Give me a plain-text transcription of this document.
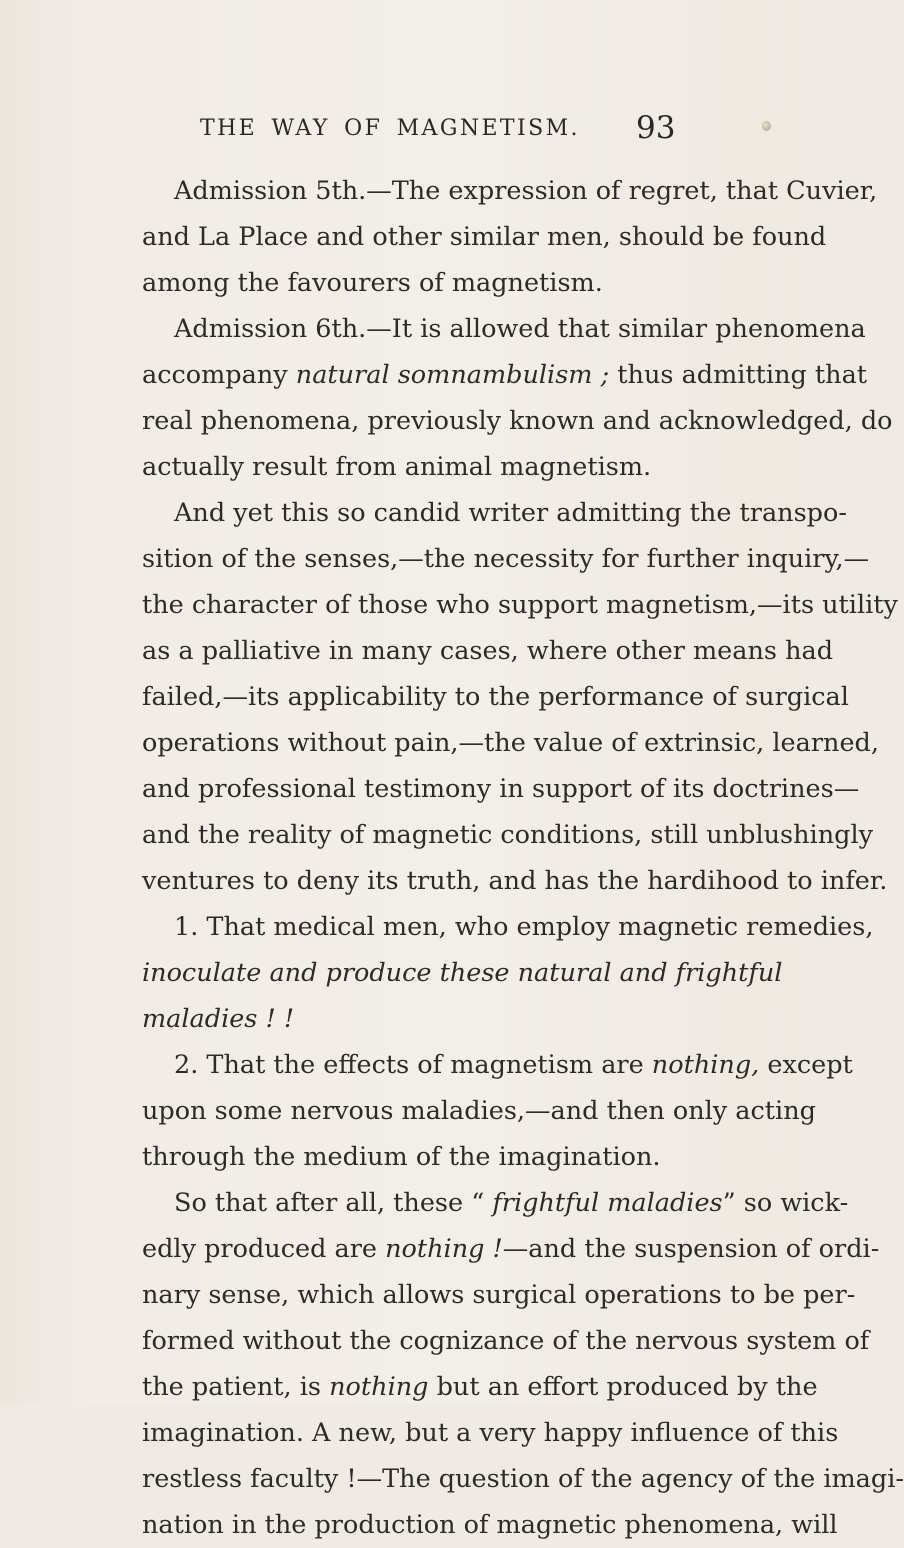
THE WAY OF MAGNETISM. 93
Admission 5th.—The expression of regret, that Cuvier,
and La Place and other similar men, should be found
among the favourers of magnetism.
Admission 6th.—It is allowed that similar phenomena
accompany natural somnambulism ; thus admitting that
real phenomena, previously known and acknowledged, do
actually result from animal magnetism.
And yet this so candid writer admitting the transpo-
sition of the senses,—the necessity for further inquiry,—
the character of those who support magnetism,—its utility
as a palliative in many cases, where other means had
failed,—its applicability to the performance of surgical
operations without pain,—the value of extrinsic, learned,
and professional testimony in support of its doctrines—
and the reality of magnetic conditions, still unblushingly
ventures to deny its truth, and has the hardihood to infer.
1. That medical men, who employ magnetic remedies,
inoculate and produce these natural and frightful
maladies ! !
2. That the effects of magnetism are nothing, except
upon some nervous maladies,—and then only acting
through the medium of the imagination.
So that after all, these “ frightful maladies” so wick-
edly produced are nothing !—and the suspension of ordi-
nary sense, which allows surgical operations to be per-
formed without the cognizance of the nervous system of
the patient, is nothing but an effort produced by the
imagination. A new, but a very happy influence of this
restless faculty !—The question of the agency of the imagi-
nation in the production of magnetic phenomena, will
